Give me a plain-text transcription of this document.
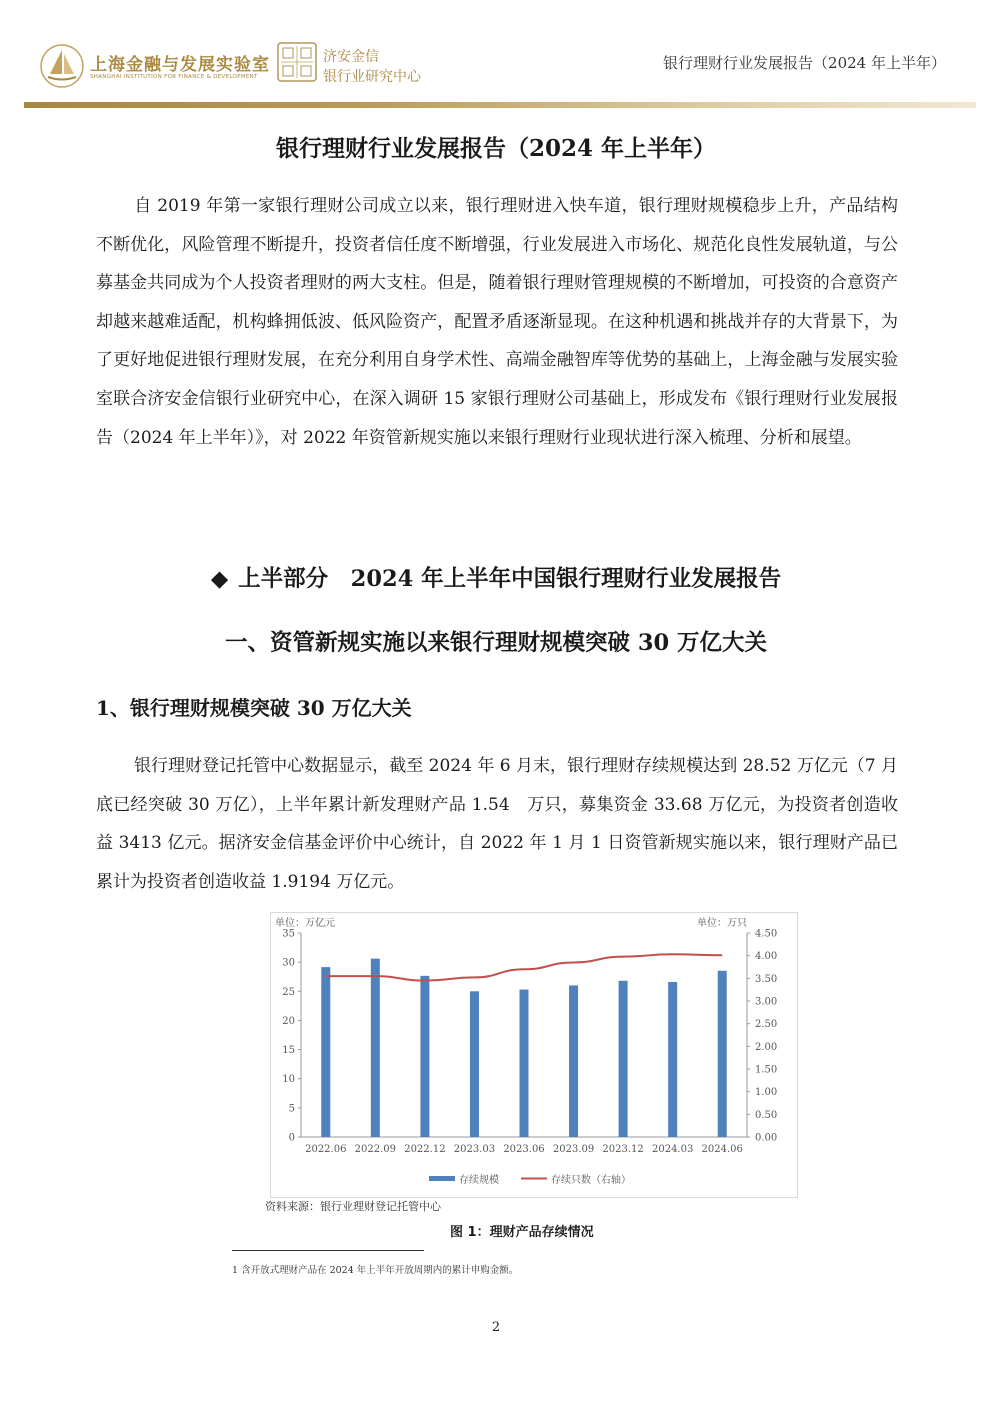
上海金融与发展实验室
SHANGHAI INSTITUTION FOR FINANCE & DEVELOPMENT
济安金信
银行业研究中心
银行理财行业发展报告（2024 年上半年）
银行理财行业发展报告（2024 年上半年）

自 2019 年第一家银行理财公司成立以来，银行理财进入快车道，银行理财规模稳步上升，产品结构不断优化，风险管理不断提升，投资者信任度不断增强，行业发展进入市场化、规范化良性发展轨道，与公募基金共同成为个人投资者理财的两大支柱。但是，随着银行理财管理规模的不断增加，可投资的合意资产却越来越难适配，机构蜂拥低波、低风险资产，配置矛盾逐渐显现。在这种机遇和挑战并存的大背景下，为了更好地促进银行理财发展，在充分利用自身学术性、高端金融智库等优势的基础上，上海金融与发展实验室联合济安金信银行业研究中心，在深入调研 15 家银行理财公司基础上，形成发布《银行理财行业发展报告（2024 年上半年）》，对 2022 年资管新规实施以来银行理财行业现状进行深入梳理、分析和展望。

◆ 上半部分　2024 年上半年中国银行理财行业发展报告
一、资管新规实施以来银行理财规模突破 30 万亿大关
1、银行理财规模突破 30 万亿大关

银行理财登记托管中心数据显示，截至 2024 年 6 月末，银行理财存续规模达到 28.52 万亿元（7 月底已经突破 30 万亿），上半年累计新发理财产品 1.54　万只，募集资金 33.68 万亿元，为投资者创造收益 3413 亿元。据济安金信基金评价中心统计，自 2022 年 1 月 1 日资管新规实施以来，银行理财产品已累计为投资者创造收益 1.9194 万亿元。

单位：万亿元	单位：万只
0
5
10
15
20
25
30
35
0.00
0.50
1.00
1.50
2.00
2.50
3.00
3.50
4.00
4.50
2022.06 2022.09 2022.12 2023.03 2023.06 2023.09 2023.12 2024.03 2024.06
存续规模	存续只数（右轴）
资料来源：银行业理财登记托管中心
图 1：理财产品存续情况
1 含开放式理财产品在 2024 年上半年开放周期内的累计申购金额。
2
